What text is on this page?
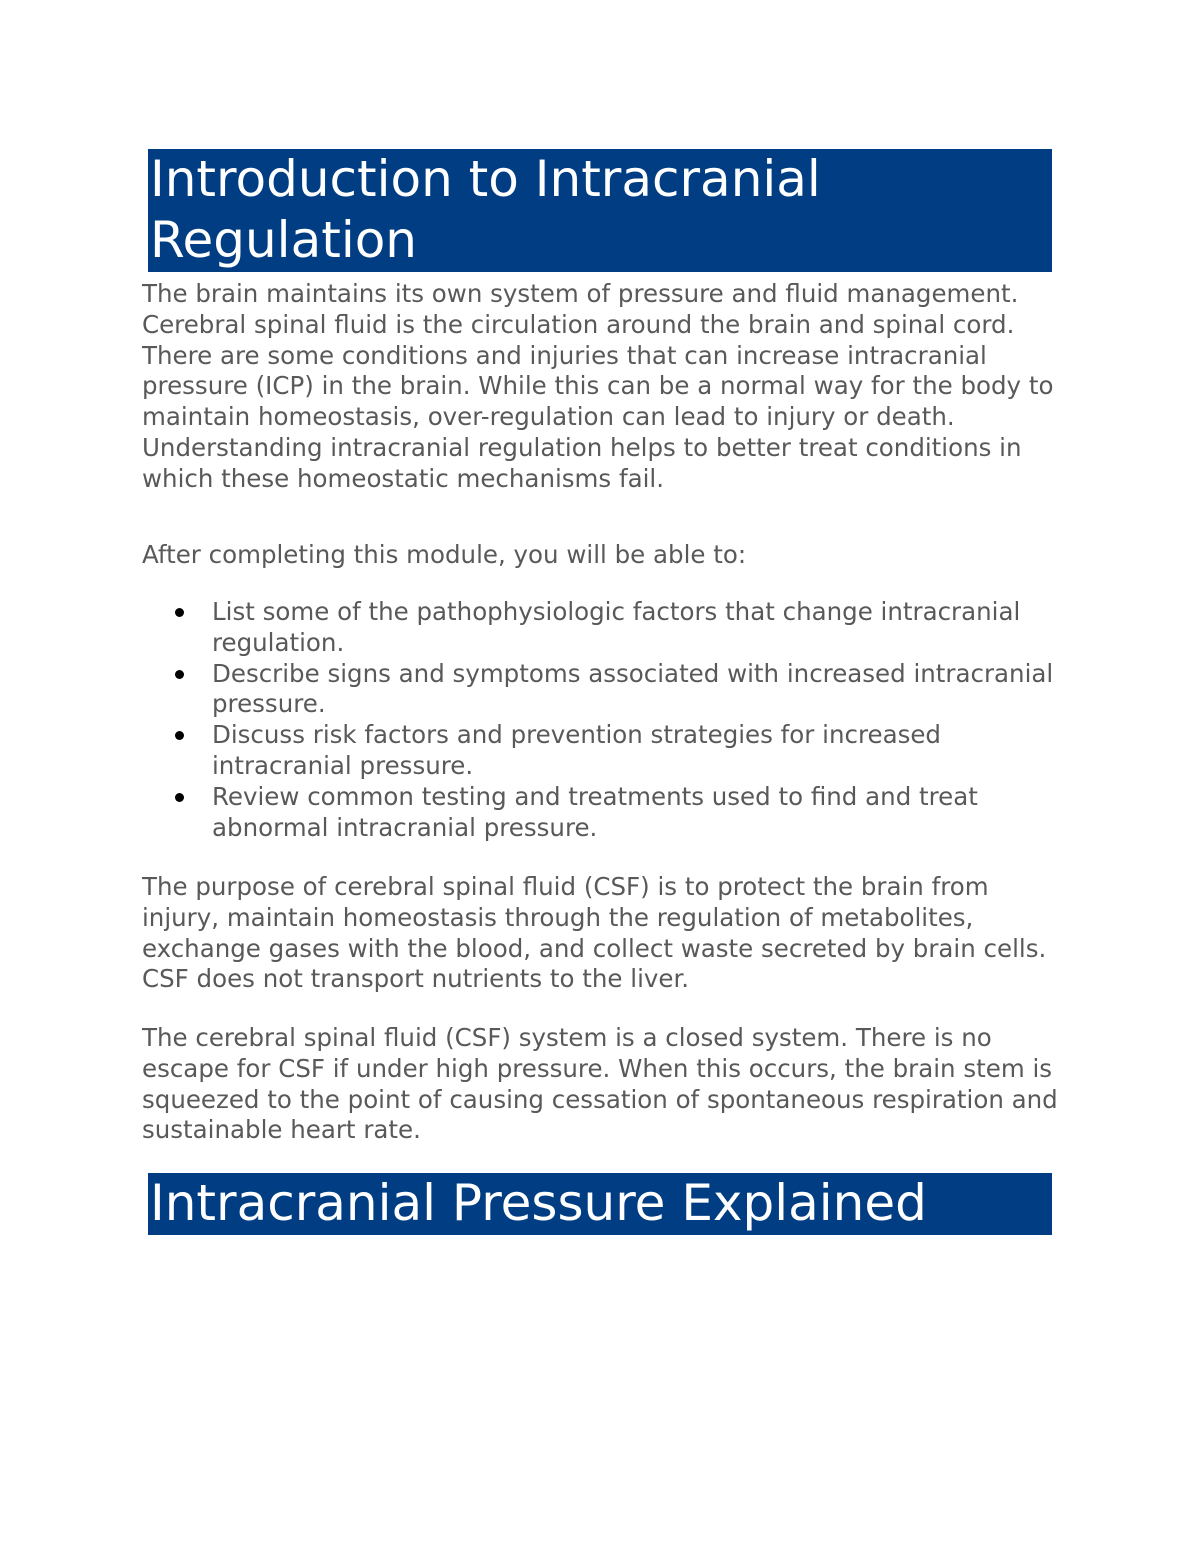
Introduction to Intracranial Regulation

The brain maintains its own system of pressure and fluid management. Cerebral spinal fluid is the circulation around the brain and spinal cord. There are some conditions and injuries that can increase intracranial pressure (ICP) in the brain. While this can be a normal way for the body to maintain homeostasis, over-regulation can lead to injury or death. Understanding intracranial regulation helps to better treat conditions in which these homeostatic mechanisms fail.

After completing this module, you will be able to:

List some of the pathophysiologic factors that change intracranial regulation.
Describe signs and symptoms associated with increased intracranial pressure.
Discuss risk factors and prevention strategies for increased intracranial pressure.
Review common testing and treatments used to find and treat abnormal intracranial pressure.

The purpose of cerebral spinal fluid (CSF) is to protect the brain from injury, maintain homeostasis through the regulation of metabolites, exchange gases with the blood, and collect waste secreted by brain cells. CSF does not transport nutrients to the liver.

The cerebral spinal fluid (CSF) system is a closed system. There is no escape for CSF if under high pressure. When this occurs, the brain stem is squeezed to the point of causing cessation of spontaneous respiration and sustainable heart rate.

Intracranial Pressure Explained
